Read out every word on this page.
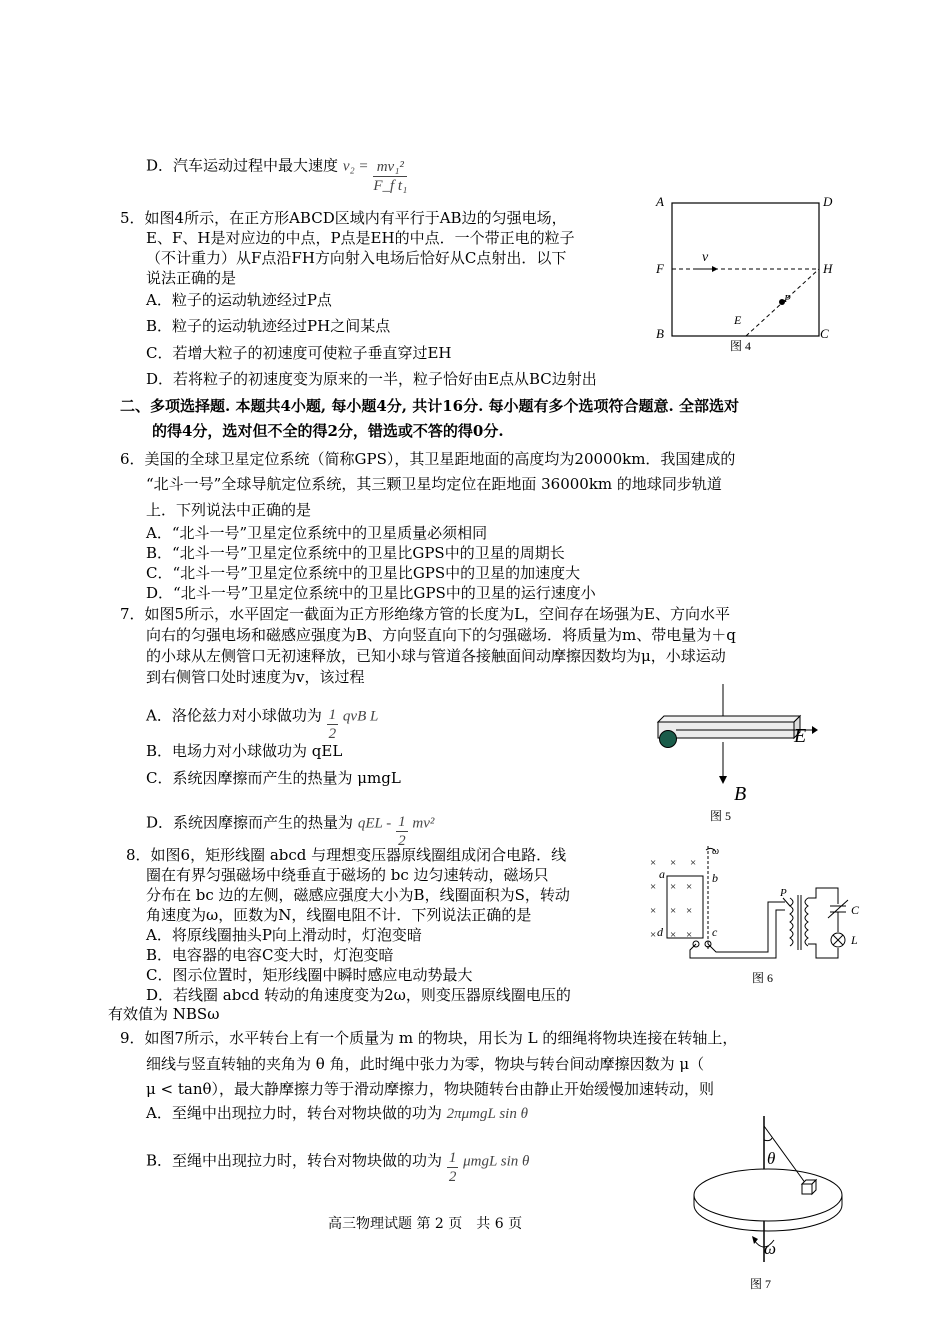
D．汽车运动过程中最大速度 $v_2 = \frac{\text{mv₁²}}{\text{F\_f t₁}}$
5．如图4所示，在正方形ABCD区域内有平行于AB边的匀强电场，
E、F、H是对应边的中点，P点是EH的中点．一个带正电的粒子
（不计重力）从F点沿FH方向射入电场后恰好从C点射出．以下
说法正确的是
A．粒子的运动轨迹经过P点
B．粒子的运动轨迹经过PH之间某点
C．若增大粒子的初速度可使粒子垂直穿过EH
D．若将粒子的初速度变为原来的一半，粒子恰好由E点从BC边射出
A	D
F	H
B	C
E
P
v
图 4
二、多项选择题. 本题共4小题, 每小题4分, 共计16分. 每小题有多个选项符合题意. 全部选对
的得4分，选对但不全的得2分，错选或不答的得0分.
6．美国的全球卫星定位系统（简称GPS），其卫星距地面的高度均为20000km．我国建成的
“北斗一号”全球导航定位系统，其三颗卫星均定位在距地面 36000km 的地球同步轨道
上．下列说法中正确的是
A．“北斗一号”卫星定位系统中的卫星质量必须相同
B．“北斗一号”卫星定位系统中的卫星比GPS中的卫星的周期长
C．“北斗一号”卫星定位系统中的卫星比GPS中的卫星的加速度大
D．“北斗一号”卫星定位系统中的卫星比GPS中的卫星的运行速度小
7．如图5所示，水平固定一截面为正方形绝缘方管的长度为L，空间存在场强为E、方向水平
向右的匀强电场和磁感应强度为B、方向竖直向下的匀强磁场．将质量为m、带电量为＋q
的小球从左侧管口无初速释放，已知小球与管道各接触面间动摩擦因数均为μ，小球运动
到右侧管口处时速度为v，该过程
A．洛伦兹力对小球做功为 $\frac{1}{2}$ qvB L
B．电场力对小球做功为 qEL
C．系统因摩擦而产生的热量为 μmgL
D．系统因摩擦而产生的热量为 qEL - $\frac{1}{2} mv^2$
E
B
图 5
8．如图6，矩形线圈 abcd 与理想变压器原线圈组成闭合电路．线
圈在有界匀强磁场中绕垂直于磁场的 bc 边匀速转动，磁场只
分布在 bc 边的左侧，磁感应强度大小为B，线圈面积为S，转动
角速度为ω，匝数为N，线圈电阻不计．下列说法正确的是
A．将原线圈抽头P向上滑动时，灯泡变暗
B．电容器的电容C变大时，灯泡变暗
C．图示位置时，矩形线圈中瞬时感应电动势最大
D．若线圈 abcd 转动的角速度变为2ω，则变压器原线圈电压的
有效值为 NBSω
ω
× × ×
×
×
× ×
× ×
× × ×
a	b
c
d
P
C
L
图 6
9．如图7所示，水平转台上有一个质量为 m 的物块，用长为 L 的细绳将物块连接在转轴上，
细线与竖直转轴的夹角为 θ 角，此时绳中张力为零，物块与转台间动摩擦因数为 μ（
μ < tanθ），最大静摩擦力等于滑动摩擦力，物块随转台由静止开始缓慢加速转动，则
A．至绳中出现拉力时，转台对物块做的功为 2πμmgL sin θ
B．至绳中出现拉力时，转台对物块做的功为 $\frac{1}{2}$ μmgL sin θ	θ
ω
图 7
高三物理试题 第 2 页　共 6 页
